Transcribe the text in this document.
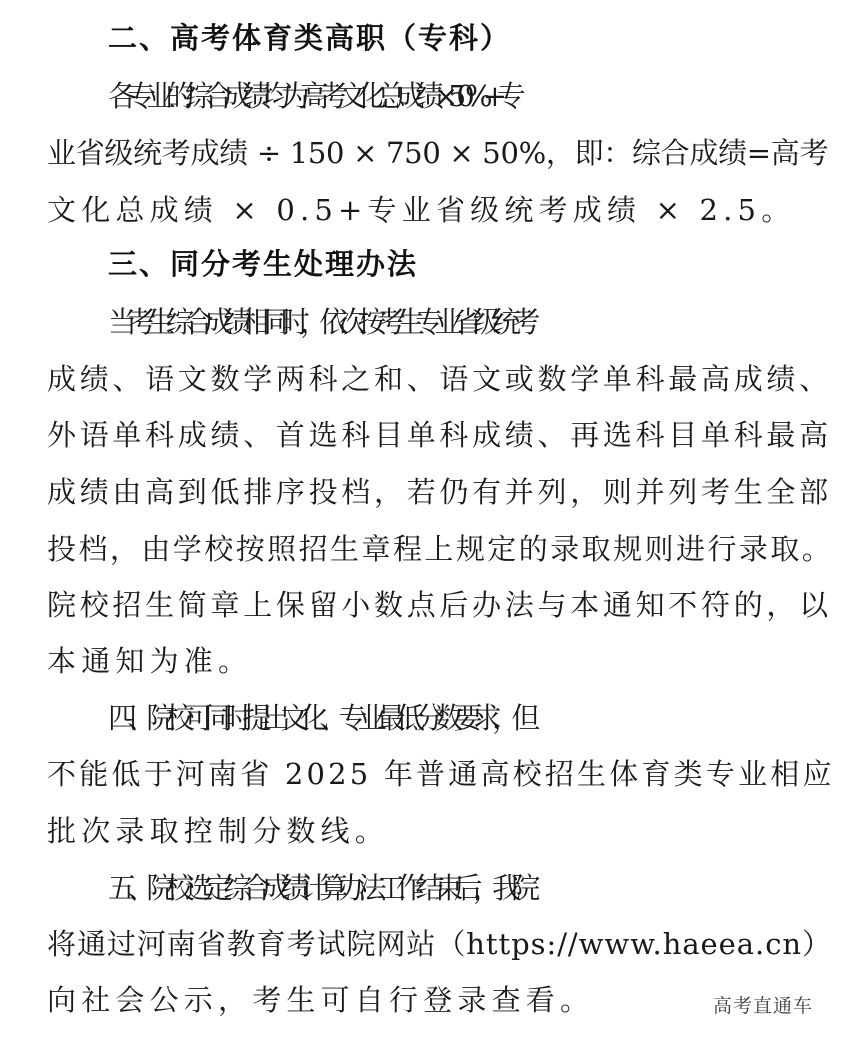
二、高考体育类高职（专科）
各专业的综合成绩均为高考文化总成绩 × 50%+ 专
业省级统考成绩 ÷ 150 × 750 × 50%，即：综合成绩=高考
文化总成绩 × 0.5+专业省级统考成绩 × 2.5。
三、同分考生处理办法
当考生综合成绩相同时，依次按考生专业省级统考
成绩、语文数学两科之和、语文或数学单科最高成绩、
外语单科成绩、首选科目单科成绩、再选科目单科最高
成绩由高到低排序投档，若仍有并列，则并列考生全部
投档，由学校按照招生章程上规定的录取规则进行录取。
院校招生简章上保留小数点后办法与本通知不符的，以
本通知为准。
四、院校可同时提出文化、专业最低分数要求，但
不能低于河南省 2025 年普通高校招生体育类专业相应
批次录取控制分数线。
五、院校选定综合成绩计算办法工作结束后，我院
将通过河南省教育考试院网站（https://www.haeea.cn）
向社会公示，考生可自行登录查看。	高考直通车
